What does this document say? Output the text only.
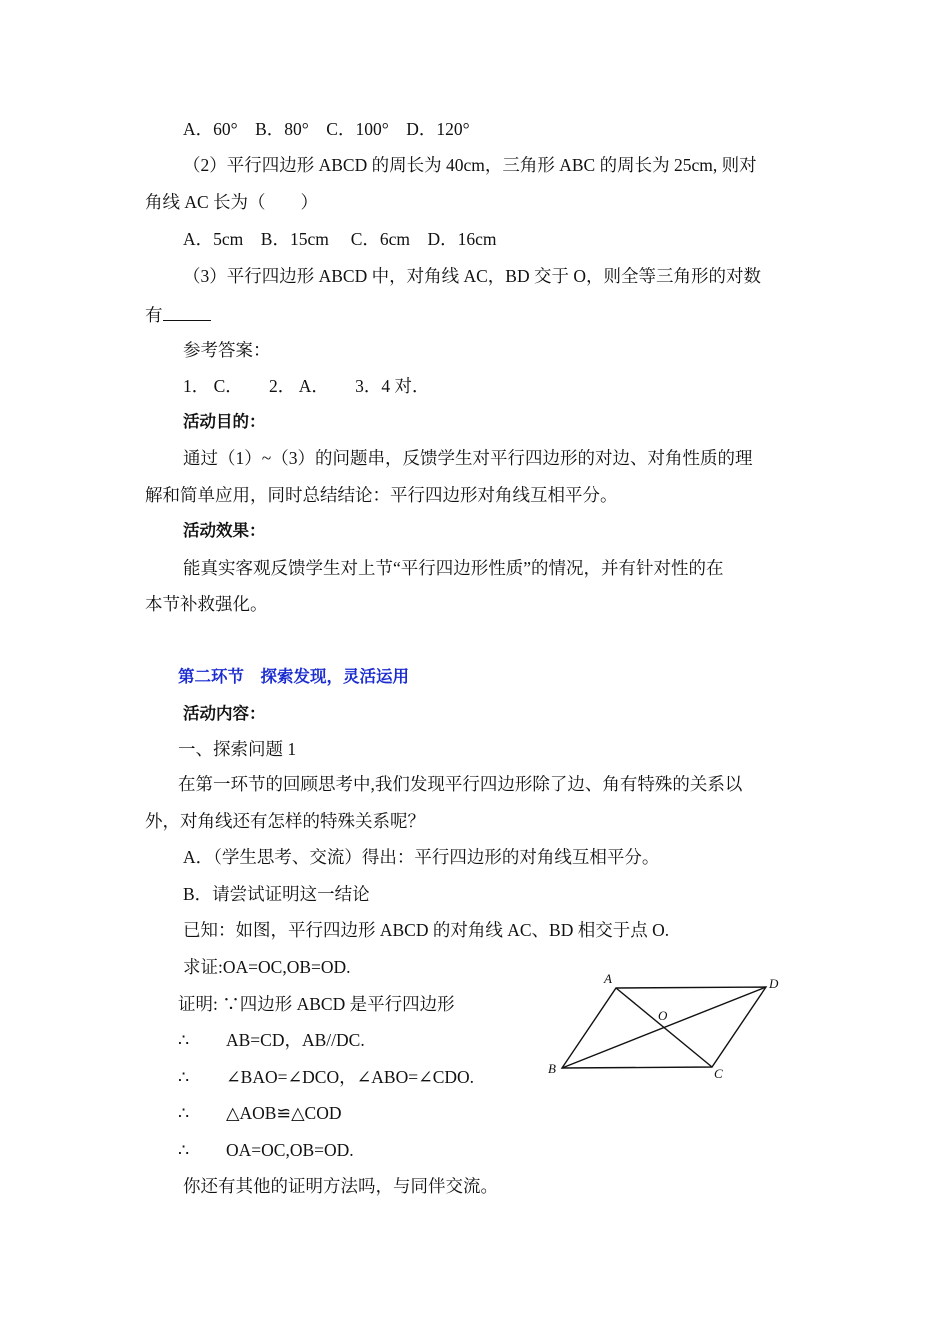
A．60°　B．80°　C．100°　D．120°
（2）平行四边形 ABCD 的周长为 40cm，三角形 ABC 的周长为 25cm, 则对
角线 AC 长为（　　）
A．5cm　B．15cm　 C．6cm　D．16cm
（3）平行四边形 ABCD 中，对角线 AC，BD 交于 O，则全等三角形的对数
有
参考答案：
1． C．　　2． A．　　3．4 对．
活动目的：
通过（1）~（3）的问题串，反馈学生对平行四边形的对边、对角性质的理
解和简单应用，同时总结结论：平行四边形对角线互相平分。
活动效果：
能真实客观反馈学生对上节“平行四边形性质”的情况，并有针对性的在
本节补救强化。
第二环节　探索发现，灵活运用
活动内容：
一、探索问题 1
在第一环节的回顾思考中,我们发现平行四边形除了边、角有特殊的关系以
外，对角线还有怎样的特殊关系呢？
A．（学生思考、交流）得出：平行四边形的对角线互相平分。
B．请尝试证明这一结论
已知：如图，平行四边形 ABCD 的对角线 AC、BD 相交于点 O.
求证:OA=OC,OB=OD.
证明: ∵四边形 ABCD 是平行四边形
∴ AB=CD，AB//DC.
∴ ∠BAO=∠DCO，∠ABO=∠CDO.
∴ △AOB≌△COD
∴ OA=OC,OB=OD.
你还有其他的证明方法吗，与同伴交流。
A	D
O
B	C
